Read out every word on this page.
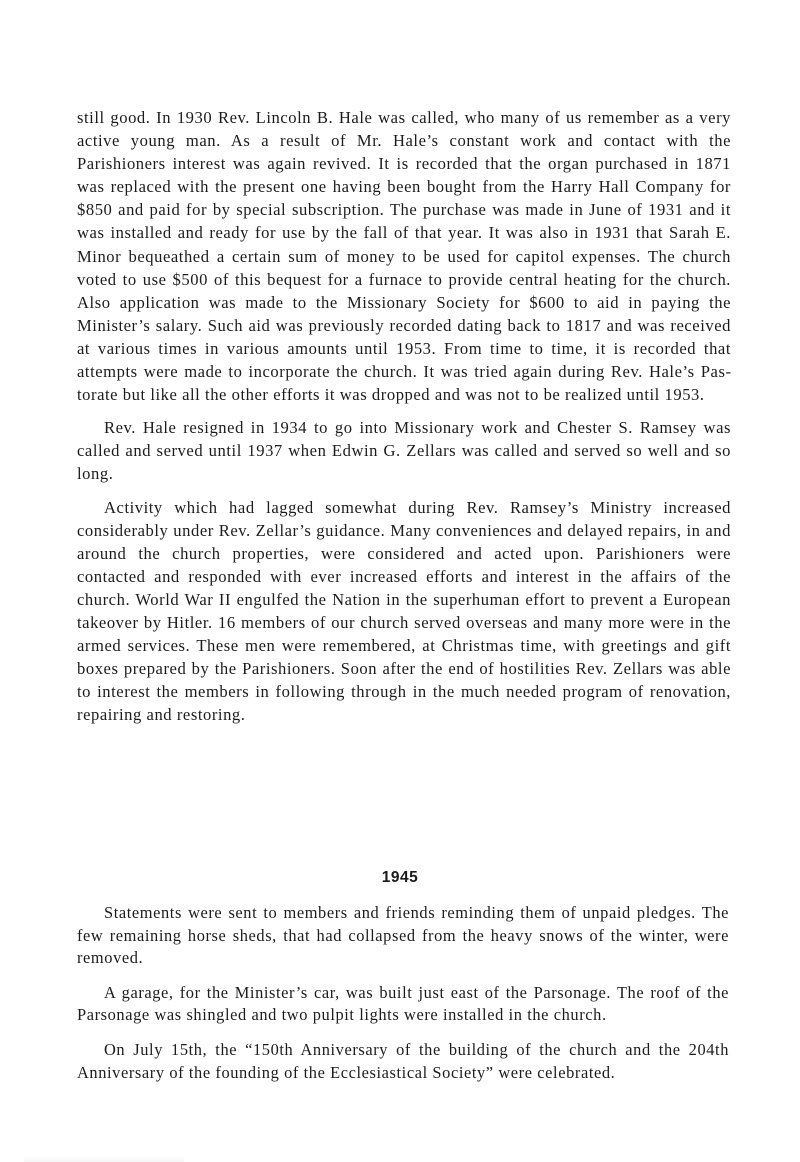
still good. In 1930 Rev. Lincoln B. Hale was called, who many of us remember as a very active young man. As a result of Mr. Hale’s constant work and contact with the Parishioners interest was again revived. It is recorded that the organ purchased in 1871 was replaced with the present one having been bought from the Harry Hall Company for $850 and paid for by special subscription. The purchase was made in June of 1931 and it was installed and ready for use by the fall of that year. It was also in 1931 that Sarah E. Minor bequeathed a certain sum of money to be used for capitol expenses. The church voted to use $500 of this bequest for a furnace to provide central heating for the church. Also application was made to the Missionary Society for $600 to aid in paying the Minister’s salary. Such aid was previously recorded dating back to 1817 and was received at various times in various amounts until 1953. From time to time, it is recorded that attempts were made to incorporate the church. It was tried again during Rev. Hale’s Pastorate but like all the other efforts it was dropped and was not to be realized until 1953.

Rev. Hale resigned in 1934 to go into Missionary work and Chester S. Ramsey was called and served until 1937 when Edwin G. Zellars was called and served so well and so long.

Activity which had lagged somewhat during Rev. Ramsey’s Ministry increased considerably under Rev. Zellar’s guidance. Many conveniences and delayed repairs, in and around the church properties, were considered and acted upon. Parishioners were contacted and responded with ever increased efforts and interest in the affairs of the church. World War II engulfed the Nation in the superhuman effort to prevent a European takeover by Hitler. 16 members of our church served overseas and many more were in the armed services. These men were remembered, at Christmas time, with greetings and gift boxes prepared by the Parishioners. Soon after the end of hostilities Rev. Zellars was able to interest the members in following through in the much needed program of renovation, repairing and restoring.

1945

Statements were sent to members and friends reminding them of unpaid pledges. The few remaining horse sheds, that had collapsed from the heavy snows of the winter, were removed.

A garage, for the Minister’s car, was built just east of the Parsonage. The roof of the Parsonage was shingled and two pulpit lights were installed in the church.

On July 15th, the “150th Anniversary of the building of the church and the 204th Anniversary of the founding of the Ecclesiastical Society” were celebrated.
